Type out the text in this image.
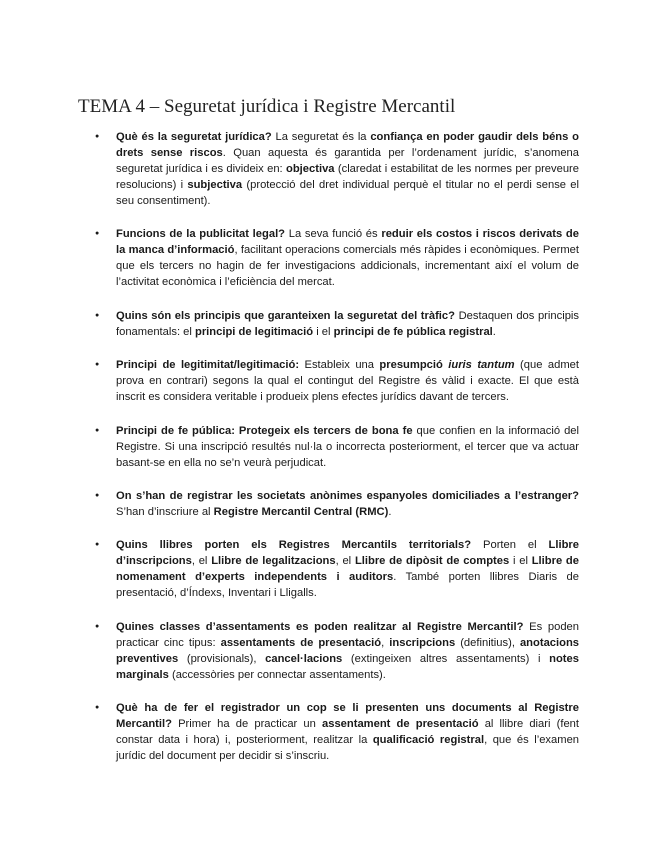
TEMA 4 – Seguretat jurídica i Registre Mercantil
● Què és la seguretat jurídica? La seguretat és la confiança en poder gaudir dels béns o drets sense riscos. Quan aquesta és garantida per l’ordenament jurídic, s’anomena seguretat jurídica i es divideix en: objectiva (claredat i estabilitat de les normes per preveure resolucions) i subjectiva (protecció del dret individual perquè el titular no el perdi sense el seu consentiment).
● Funcions de la publicitat legal? La seva funció és reduir els costos i riscos derivats de la manca d’informació, facilitant operacions comercials més ràpides i econòmiques. Permet que els tercers no hagin de fer investigacions addicionals, incrementant així el volum de l’activitat econòmica i l’eficiència del mercat.
● Quins són els principis que garanteixen la seguretat del tràfic? Destaquen dos principis fonamentals: el principi de legitimació i el principi de fe pública registral.
● Principi de legitimitat/legitimació: Estableix una presumpció iuris tantum (que admet prova en contrari) segons la qual el contingut del Registre és vàlid i exacte. El que està inscrit es considera veritable i produeix plens efectes jurídics davant de tercers.
● Principi de fe pública: Protegeix els tercers de bona fe que confien en la informació del Registre. Si una inscripció resultés nul·la o incorrecta posteriorment, el tercer que va actuar basant-se en ella no se’n veurà perjudicat.
● On s’han de registrar les societats anònimes espanyoles domiciliades a l’estranger? S’han d’inscriure al Registre Mercantil Central (RMC).
● Quins llibres porten els Registres Mercantils territorials? Porten el Llibre d’inscripcions, el Llibre de legalitzacions, el Llibre de dipòsit de comptes i el Llibre de nomenament d’experts independents i auditors. També porten llibres Diaris de presentació, d’Índexs, Inventari i Lligalls.
● Quines classes d’assentaments es poden realitzar al Registre Mercantil? Es poden practicar cinc tipus: assentaments de presentació, inscripcions (definitius), anotacions preventives (provisionals), cancel·lacions (extingeixen altres assentaments) i notes marginals (accessòries per connectar assentaments).
● Què ha de fer el registrador un cop se li presenten uns documents al Registre Mercantil? Primer ha de practicar un assentament de presentació al llibre diari (fent constar data i hora) i, posteriorment, realitzar la qualificació registral, que és l’examen jurídic del document per decidir si s’inscriu.
